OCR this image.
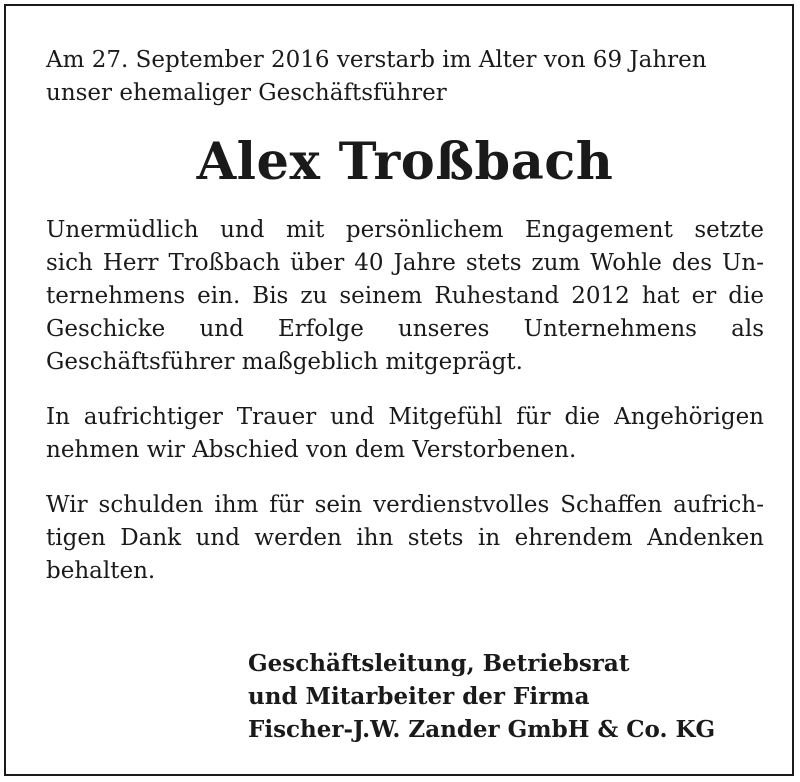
Am 27. September 2016 verstarb im Alter von 69 Jahren

unser ehemaliger Geschäftsführer

Alex Troßbach

Unermüdlich und mit persönlichem Engagement setzte

sich Herr Troßbach über 40 Jahre stets zum Wohle des Un-

ternehmens ein. Bis zu seinem Ruhestand 2012 hat er die

Geschicke und Erfolge unseres Unternehmens als

Geschäftsführer maßgeblich mitgeprägt.

In aufrichtiger Trauer und Mitgefühl für die Angehörigen

nehmen wir Abschied von dem Verstorbenen.

Wir schulden ihm für sein verdienstvolles Schaffen aufrich-

tigen Dank und werden ihn stets in ehrendem Andenken

behalten.

Geschäftsleitung, Betriebsrat

und Mitarbeiter der Firma

Fischer-J.W. Zander GmbH & Co. KG
